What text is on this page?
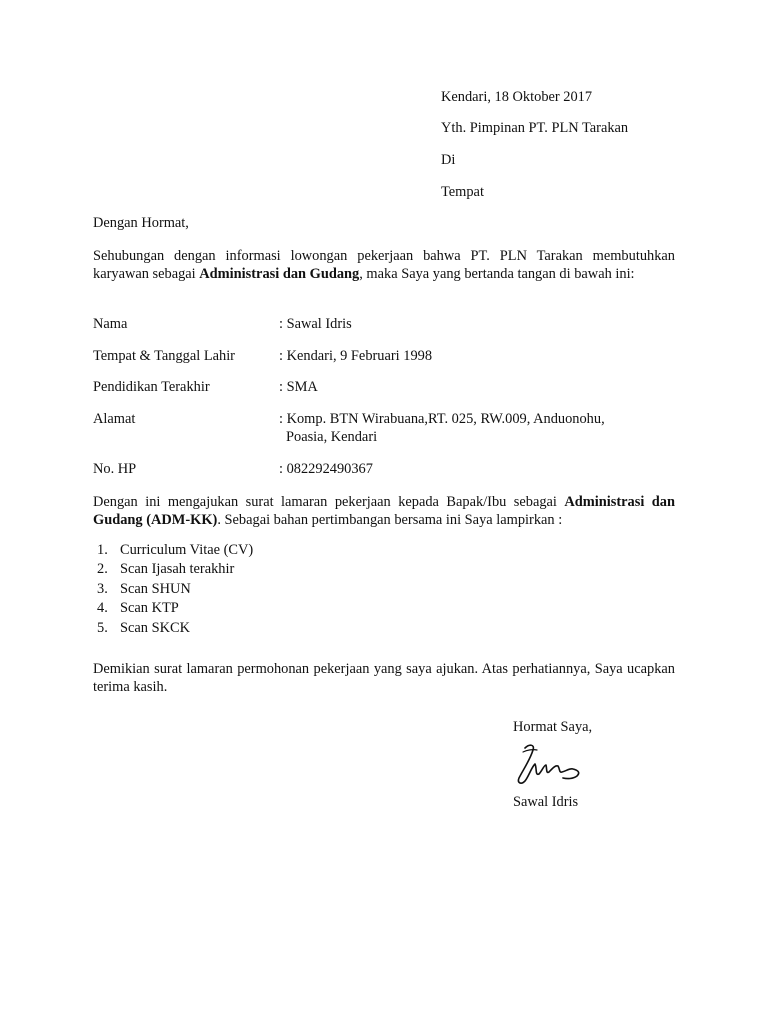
Kendari, 18 Oktober 2017
Yth. Pimpinan PT. PLN Tarakan
Di
Tempat
Dengan Hormat,
Sehubungan dengan informasi lowongan pekerjaan bahwa PT. PLN Tarakan membutuhkan karyawan sebagai Administrasi dan Gudang, maka Saya yang bertanda tangan di bawah ini:
Nama	: Sawal Idris
Tempat & Tanggal Lahir	: Kendari, 9 Februari 1998
Pendidikan Terakhir	: SMA
Alamat	: Komp. BTN Wirabuana,RT. 025, RW.009, Anduonohu,
Poasia, Kendari
No. HP	: 082292490367
Dengan ini mengajukan surat lamaran pekerjaan kepada Bapak/Ibu sebagai Administrasi dan Gudang (ADM-KK). Sebagai bahan pertimbangan bersama ini Saya lampirkan :
1. Curriculum Vitae (CV)
2. Scan Ijasah terakhir
3. Scan SHUN
4. Scan KTP
5. Scan SKCK
Demikian surat lamaran permohonan pekerjaan yang saya ajukan. Atas perhatiannya, Saya ucapkan terima kasih.
Hormat Saya,
Sawal Idris
